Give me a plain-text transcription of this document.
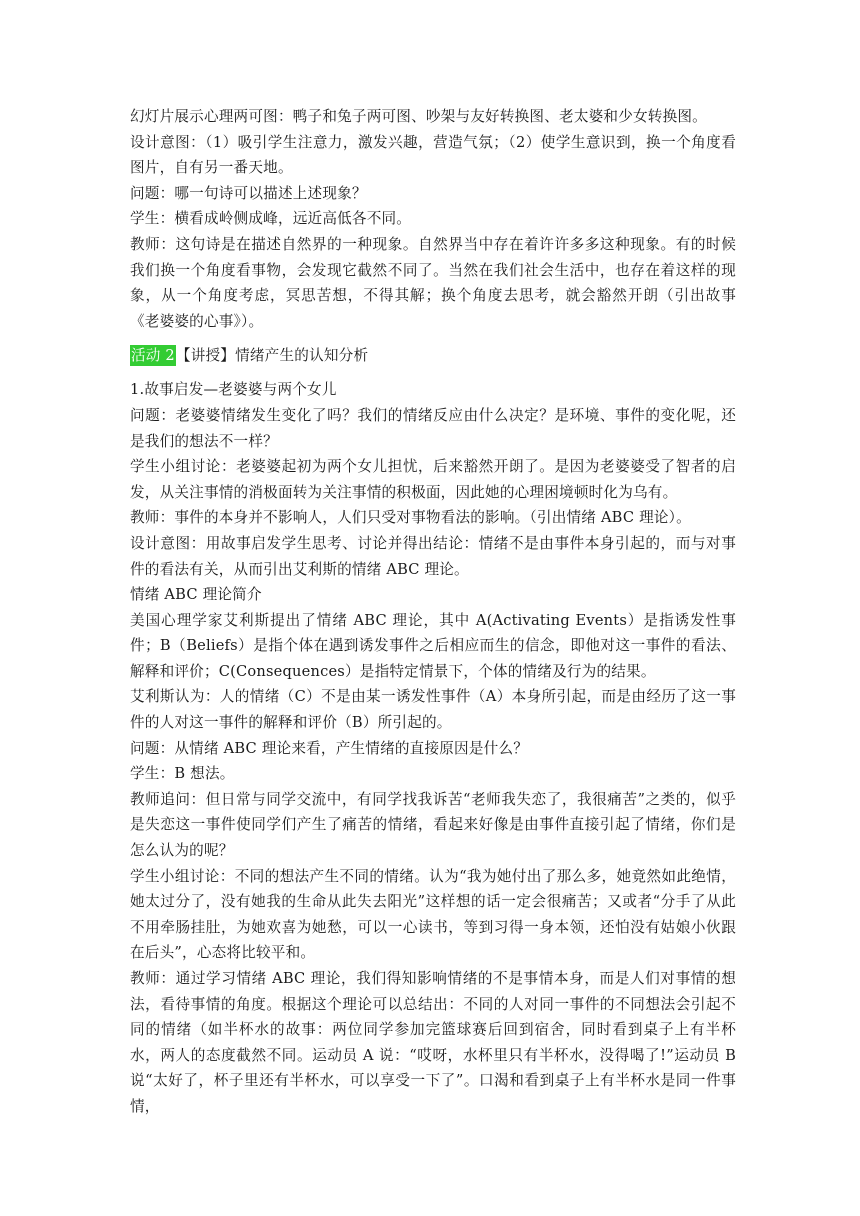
幻灯片展示心理两可图：鸭子和兔子两可图、吵架与友好转换图、老太婆和少女转换图。

设计意图：（1）吸引学生注意力，激发兴趣，营造气氛；（2）使学生意识到，换一个角度看图片，自有另一番天地。

问题：哪一句诗可以描述上述现象？

学生：横看成岭侧成峰，远近高低各不同。

教师：这句诗是在描述自然界的一种现象。自然界当中存在着许许多多这种现象。有的时候我们换一个角度看事物，会发现它截然不同了。当然在我们社会生活中，也存在着这样的现象，从一个角度考虑，冥思苦想，不得其解；换个角度去思考，就会豁然开朗（引出故事《老婆婆的心事》）。

活动 2【讲授】情绪产生的认知分析

1.故事启发—老婆婆与两个女儿

问题：老婆婆情绪发生变化了吗？我们的情绪反应由什么决定？是环境、事件的变化呢，还是我们的想法不一样？

学生小组讨论：老婆婆起初为两个女儿担忧，后来豁然开朗了。是因为老婆婆受了智者的启发，从关注事情的消极面转为关注事情的积极面，因此她的心理困境顿时化为乌有。

教师：事件的本身并不影响人，人们只受对事物看法的影响。（引出情绪 ABC 理论）。

设计意图：用故事启发学生思考、讨论并得出结论：情绪不是由事件本身引起的，而与对事件的看法有关，从而引出艾利斯的情绪 ABC 理论。

情绪 ABC 理论简介

美国心理学家艾利斯提出了情绪 ABC 理论，其中 A(Activating Events）是指诱发性事件；B（Beliefs）是指个体在遇到诱发事件之后相应而生的信念，即他对这一事件的看法、解释和评价；C(Consequences）是指特定情景下，个体的情绪及行为的结果。

艾利斯认为：人的情绪（C）不是由某一诱发性事件（A）本身所引起，而是由经历了这一事件的人对这一事件的解释和评价（B）所引起的。

问题：从情绪 ABC 理论来看，产生情绪的直接原因是什么？

学生：B 想法。

教师追问：但日常与同学交流中，有同学找我诉苦“老师我失恋了，我很痛苦”之类的，似乎是失恋这一事件使同学们产生了痛苦的情绪，看起来好像是由事件直接引起了情绪，你们是怎么认为的呢？

学生小组讨论：不同的想法产生不同的情绪。认为“我为她付出了那么多，她竟然如此绝情，她太过分了，没有她我的生命从此失去阳光”这样想的话一定会很痛苦；又或者“分手了从此不用牵肠挂肚，为她欢喜为她愁，可以一心读书，等到习得一身本领，还怕没有姑娘小伙跟在后头”，心态将比较平和。

教师：通过学习情绪 ABC 理论，我们得知影响情绪的不是事情本身，而是人们对事情的想法，看待事情的角度。根据这个理论可以总结出：不同的人对同一事件的不同想法会引起不同的情绪（如半杯水的故事：两位同学参加完篮球赛后回到宿舍，同时看到桌子上有半杯水，两人的态度截然不同。运动员 A 说：“哎呀，水杯里只有半杯水，没得喝了!”运动员 B 说“太好了，杯子里还有半杯水，可以享受一下了”。口渴和看到桌子上有半杯水是同一件事情，
